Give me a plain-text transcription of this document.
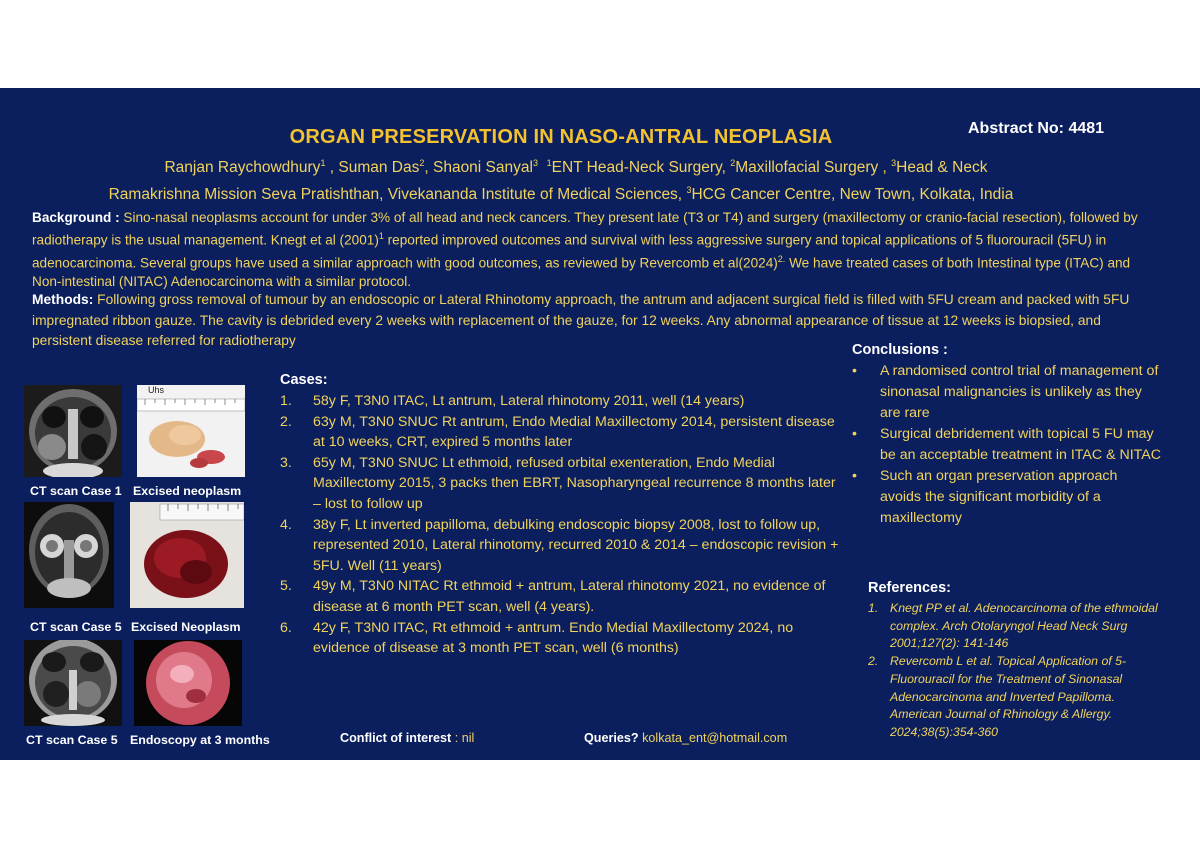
ORGAN PRESERVATION IN NASO-ANTRAL NEOPLASIA	Abstract No: 4481
Ranjan Raychowdhury$^1$ , Suman Das$^2$, Shaoni Sanyal$^3$ $^1$ENT Head-Neck Surgery, $^2$Maxillofacial Surgery , $^3$Head & Neck
Ramakrishna Mission Seva Pratishthan, Vivekananda Institute of Medical Sciences, $^3$HCG Cancer Centre, New Town, Kolkata, India
Background : Sino-nasal neoplasms account for under 3% of all head and neck cancers. They present late (T3 or T4) and surgery (maxillectomy or cranio-facial resection), followed by radiotherapy is the usual management. Knegt et al $(2001)^1$ reported improved outcomes and survival with less aggressive surgery and topical applications of 5 fluorouracil (5FU) in adenocarcinoma. Several groups have used a similar approach with good outcomes, as reviewed by Revercomb et $al(2024)^{2.}$ We have treated cases of both Intestinal type (ITAC) and Non-intestinal (NITAC) Adenocarcinoma with a similar protocol.
Methods: Following gross removal of tumour by an endoscopic or Lateral Rhinotomy approach, the antrum and adjacent surgical field is filled with 5FU cream and packed with 5FU impregnated ribbon gauze. The cavity is debrided every 2 weeks with replacement of the gauze, for 12 weeks. Any abnormal appearance of tissue at 12 weeks is biopsied, and persistent disease referred for radiotherapy
Uhs
CT scan Case 1 Excised neoplasm
CT scan Case 5 Excised Neoplasm
CT scan Case 5 Endoscopy at 3 months
Cases:
1. 58y F, T3N0 ITAC, Lt antrum, Lateral rhinotomy 2011, well (14 years)
2. 63y M, T3N0 SNUC Rt antrum, Endo Medial Maxillectomy 2014, persistent disease at 10 weeks, CRT, expired 5 months later
3. 65y M, T3N0 SNUC Lt ethmoid, refused orbital exenteration, Endo Medial Maxillectomy 2015, 3 packs then EBRT, Nasopharyngeal recurrence 8 months later – lost to follow up
4. 38y F, Lt inverted papilloma, debulking endoscopic biopsy 2008, lost to follow up, represented 2010, Lateral rhinotomy, recurred 2010 & 2014 – endoscopic revision + 5FU. Well (11 years)
5. 49y M, T3N0 NITAC Rt ethmoid + antrum, Lateral rhinotomy 2021, no evidence of disease at 6 month PET scan, well (4 years).
6. 42y F, T3N0 ITAC, Rt ethmoid + antrum. Endo Medial Maxillectomy 2024, no evidence of disease at 3 month PET scan, well (6 months)
Conclusions :
• A randomised control trial of management of sinonasal malignancies is unlikely as they are rare
• Surgical debridement with topical 5 FU may be an acceptable treatment in ITAC & NITAC
• Such an organ preservation approach avoids the significant morbidity of a maxillectomy
References:
1. Knegt PP et al. Adenocarcinoma of the ethmoidal complex. Arch Otolaryngol Head Neck Surg 2001;127(2): 141-146
2. Revercomb L et al. Topical Application of 5-Fluorouracil for the Treatment of Sinonasal Adenocarcinoma and Inverted Papilloma. American Journal of Rhinology & Allergy. 2024;38(5):354-360
Conflict of interest : nil	Queries? kolkata_ent@hotmail.com
